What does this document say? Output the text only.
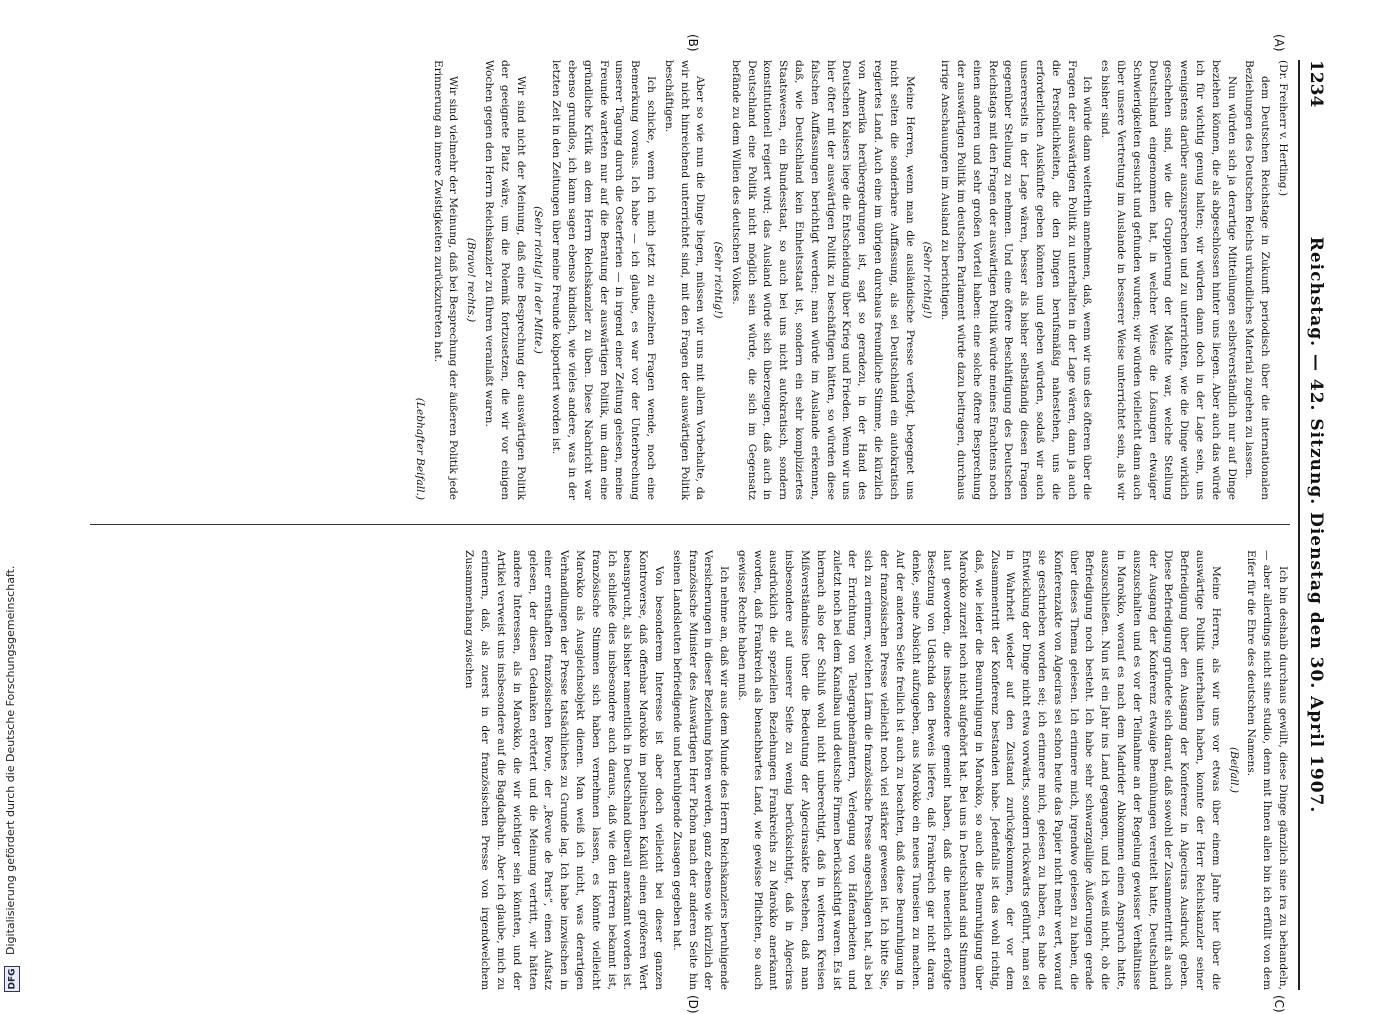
Digitalisierung gefördert durch die Deutsche Forschungsgemeinschaft.
DFG
1234
Reichstag. — 42. Sitzung. Dienstag den 30. April 1907.
(A)
(B)
(C)
(D)

(Dr. Freiherr v. Hertling.)

dem Deutschen Reichstage in Zukunft periodisch über die internationalen Beziehungen des Deutschen Reichs urkundliches Material zugehen zu lassen.

Nun würden sich ja derartige Mitteilungen selbstverständlich nur auf Dinge beziehen können, die als abgeschlossen hinter uns liegen. Aber auch das würde ich für wichtig genug halten; wir würden dann doch in der Lage sein, uns wenigstens darüber auszusprechen und zu unterrichten, wie die Dinge wirklich geschehen sind, wie die Gruppierung der Mächte war, welche Stellung Deutschland eingenommen hat, in welcher Weise die Lösungen etwaiger Schwierigkeiten gesucht und gefunden wurden; wir würden vielleicht dann auch über unsere Vertretung im Auslande in besserer Weise unterrichtet sein, als wir es bisher sind.

Ich würde dann weiterhin annehmen, daß, wenn wir uns des öfteren über die Fragen der auswärtigen Politik zu unterhalten in der Lage wären, dann ja auch die Persönlichkeiten, die den Dingen berufsmäßig nahestehen, uns die erforderlichen Auskünfte geben könnten und geben würden, sodaß wir auch unsererseits in der Lage wären, besser als bisher selbständig diesen Fragen gegenüber Stellung zu nehmen. Und eine öftere Beschäftigung des Deutschen Reichstags mit den Fragen der auswärtigen Politik würde meines Erachtens noch einen anderen und sehr großen Vorteil haben: eine solche öftere Besprechung der auswärtigen Politik im deutschen Parlament würde dazu beitragen, durchaus irrige Anschauungen im Ausland zu berichtigen.

(Sehr richtig!)

Meine Herren, wenn man die ausländische Presse verfolgt, begegnet uns nicht selten die sonderbare Auffassung, als sei Deutschland ein autokratisch regiertes Land. Auch eine im übrigen durchaus freundliche Stimme, die kürzlich von Amerika herübergedrungen ist, sagt so geradezu, in der Hand des Deutschen Kaisers liege die Entscheidung über Krieg und Frieden. Wenn wir uns hier öfter mit der auswärtigen Politik zu beschäftigen hätten, so würden diese falschen Auffassungen berichtigt werden; man würde im Auslande erkennen, daß, wie Deutschland kein Einheitsstaat ist, sondern ein sehr kompliziertes Staatswesen, ein Bundesstaat, so auch bei uns nicht autokratisch, sondern konstitutionell regiert wird; das Ausland würde sich überzeugen, daß auch in Deutschland eine Politik nicht möglich sein würde, die sich im Gegensatz befände zu dem Willen des deutschen Volkes.

(Sehr richtig!)

Aber so wie nun die Dinge liegen, müssen wir uns mit allem Vorbehalte, da wir nicht hinreichend unterrichtet sind, mit den Fragen der auswärtigen Politik beschäftigen.

Ich schicke, wenn ich mich jetzt zu einzelnen Fragen wende, noch eine Bemerkung voraus. Ich habe — ich glaube, es war vor der Unterbrechung unserer Tagung durch die Osterferien — in irgend einer Zeitung gelesen, meine Freunde warteten nur auf die Beratung der auswärtigen Politik, um dann eine gründliche Kritik an dem Herrn Reichskanzler zu üben. Diese Nachricht war ebenso grundlos, ich kann sagen ebenso kindisch, wie vieles andere, was in der letzten Zeit in den Zeitungen über meine Freunde kolportiert worden ist.

(Sehr richtig! in der Mitte.)

Wir sind nicht der Meinung, daß eine Besprechung der auswärtigen Politik der geeignete Platz wäre, um die Polemik fortzusetzen, die wir vor einigen Wochen gegen den Herrn Reichskanzler zu führen veranlaßt waren.

(Bravo! rechts.)

Wir sind vielmehr der Meinung, daß bei Besprechung der äußeren Politik jede Erinnerung an innere Zwistigkeiten zurückzutreten hat.

(Lebhafter Beifall.)

Ich bin deshalb durchaus gewillt, diese Dinge gänzlich sine ira zu behandeln, — aber allerdings nicht sine studio, denn mit Ihnen allen bin ich erfüllt von dem Eifer für die Ehre des deutschen Namens.

(Beifall.)

Meine Herren, als wir uns vor etwas über einem Jahre hier über die auswärtige Politik unterhalten haben, konnte der Herr Reichskanzler seiner Befriedigung über den Ausgang der Konferenz in Algeciras Ausdruck geben. Diese Befriedigung gründete sich darauf, daß sowohl der Zusammentritt als auch der Ausgang der Konferenz etwaige Bemühungen vereitelt hatte, Deutschland auszuschalten und es vor der Teilnahme an der Regelung gewisser Verhältnisse in Marokko, worauf es nach dem Madrider Abkommen einen Anspruch hatte, auszuschließen. Nun ist ein Jahr ins Land gegangen, und ich weiß nicht, ob die Befriedigung noch besteht. Ich habe sehr schwarzgallige Äußerungen gerade über dieses Thema gelesen. Ich erinnere mich, irgendwo gelesen zu haben, die Konferenzakte von Algeciras sei schon heute das Papier nicht mehr wert, worauf sie geschrieben worden sei; ich erinnere mich, gelesen zu haben, es habe die Entwicklung der Dinge nicht etwa vorwärts, sondern rückwärts geführt, man sei in Wahrheit wieder auf den Zustand zurückgekommen, der vor dem Zusammentritt der Konferenz bestanden habe. Jedenfalls ist das wohl richtig, daß, wie leider die Beunruhigung in Marokko, so auch die Beunruhigung über Marokko zurzeit noch nicht aufgehört hat. Bei uns in Deutschland sind Stimmen laut geworden, die insbesondere gemeint haben, daß die neuerlich erfolgte Besetzung von Udschda den Beweis liefere, daß Frankreich gar nicht daran denke, seine Absicht aufzugeben, aus Marokko ein neues Tunesien zu machen. Auf der anderen Seite freilich ist auch zu beachten, daß diese Beunruhigung in der französischen Presse vielleicht noch viel stärker gewesen ist. Ich bitte Sie, sich zu erinnern, welchen Lärm die französische Presse angeschlagen hat, als bei der Errichtung von Telegraphenämtern, Verlegung von Hafenarbeiten und zuletzt noch bei dem Kanalbau und deutsche Firmen berücksichtigt waren. Es ist hiernach also der Schluß wohl nicht unberechtigt, daß in weiteren Kreisen Mißverständnisse über die Bedeutung der Algecirasakte bestehen, daß man insbesondere auf unserer Seite zu wenig berücksichtigt, daß in Algeciras ausdrücklich die speziellen Beziehungen Frankreichs zu Marokko anerkannt worden, daß Frankreich als benachbartes Land, wie gewisse Pflichten, so auch gewisse Rechte haben muß.

Ich nehme an, daß wir aus dem Munde des Herrn Reichskanzlers beruhigende Versicherungen in dieser Beziehung hören werden, ganz ebenso wie kürzlich der französische Minister des Auswärtigen Herr Pichon nach der anderen Seite hin seinen Landsleuten befriedigende und beruhigende Zusagen gegeben hat.

Von besonderem Interesse ist aber doch vielleicht bei dieser ganzen Kontroverse, daß offenbar Marokko im politischen Kalkül einen größeren Wert beansprucht, als bisher namentlich in Deutschland überall anerkannt worden ist. Ich schließe dies insbesondere auch daraus, daß wie den Herren bekannt ist, französische Stimmen sich haben vernehmen lassen, es könnte vielleicht Marokko als Ausgleichsobjekt dienen. Man weiß ich nicht, was derartigen Verhandlungen der Presse tatsächliches zu Grunde lag. Ich habe inzwischen in einer ernsthaften französischen Revue, der „Revue de Paris“, einen Aufsatz gelesen, der diesen Gedanken erörtert und die Meinung vertritt, wir hätten andere Interessen, als in Marokko, die wir wichtiger sein könnten, und der Artikel verweist uns insbesondere auf die Bagdadbahn. Aber ich glaube, mich zu erinnern, daß, als zuerst in der französischen Presse von irgendwelchem Zusammenhang zwischen
